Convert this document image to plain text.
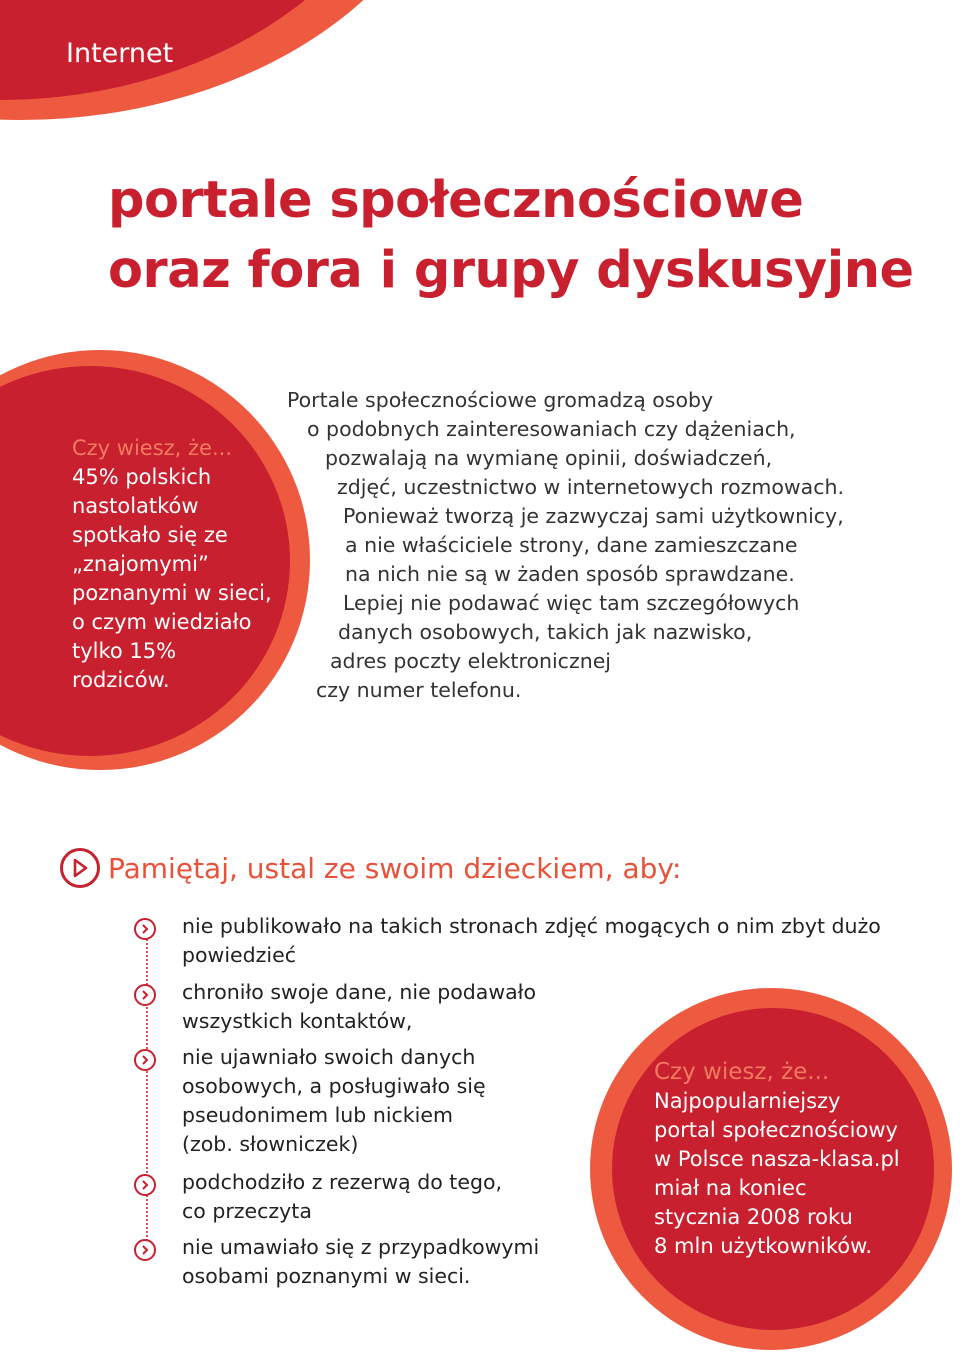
Internet
portale społecznościowe
oraz fora i grupy dyskusyjne
Czy wiesz, że...
45% polskich
nastolatków
spotkało się ze
„znajomymi”
poznanymi w sieci,
o czym wiedziało
tylko 15%
rodziców.
Portale społecznościowe gromadzą osoby
o podobnych zainteresowaniach czy dążeniach,
pozwalają na wymianę opinii, doświadczeń,
zdjęć, uczestnictwo w internetowych rozmowach.
Ponieważ tworzą je zazwyczaj sami użytkownicy,
a nie właściciele strony, dane zamieszczane
na nich nie są w żaden sposób sprawdzane.
Lepiej nie podawać więc tam szczegółowych
danych osobowych, takich jak nazwisko,
adres poczty elektronicznej
czy numer telefonu.
Pamiętaj, ustal ze swoim dzieckiem, aby:
nie publikowało na takich stronach zdjęć mogących o nim zbyt dużo
powiedzieć
chroniło swoje dane, nie podawało
wszystkich kontaktów,
nie ujawniało swoich danych
osobowych, a posługiwało się
pseudonimem lub nickiem
(zob. słowniczek)
podchodziło z rezerwą do tego,
co przeczyta
nie umawiało się z przypadkowymi
osobami poznanymi w sieci.
Czy wiesz, że...
Najpopularniejszy
portal społecznościowy
w Polsce nasza-klasa.pl
miał na koniec
stycznia 2008 roku
8 mln użytkowników.
